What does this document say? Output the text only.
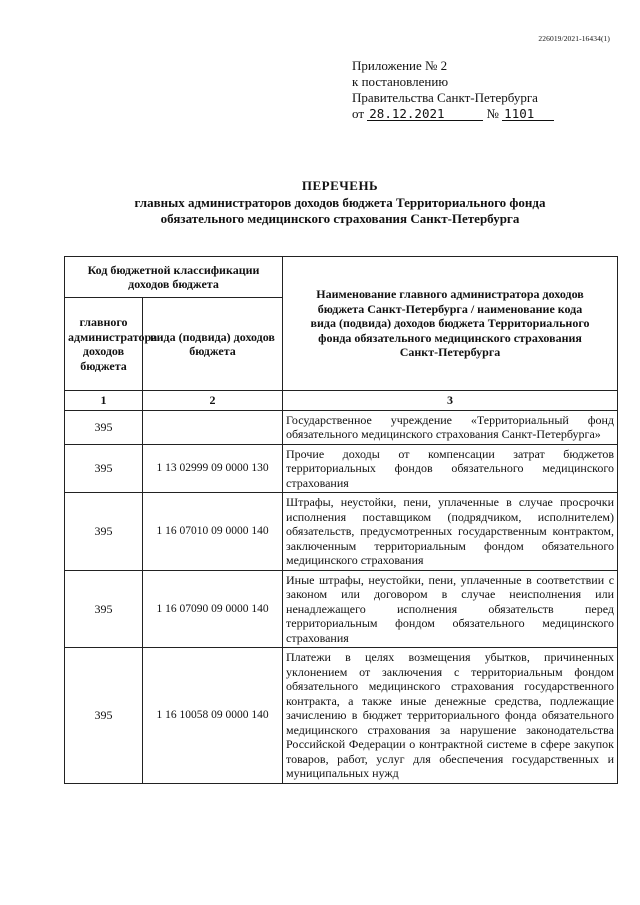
226019/2021-16434(1)
Приложение № 2
к постановлению
Правительства Санкт-Петербурга
от 28.12.2021	№ 1101
ПЕРЕЧЕНЬ
главных администраторов доходов бюджета Территориального фонда
обязательного медицинского страхования Санкт-Петербурга
Код бюджетной классификации доходов бюджета		Наименование главного администратора доходов бюджета Санкт-Петербурга / наименование кода вида (подвида) доходов бюджета Территориального фонда обязательного медицинского страхования Санкт-Петербурга
главного администратора доходов бюджета	вида (подвида) доходов бюджета	
1	2	3
395		Государственное учреждение «Территориальный фонд обязательного медицинского страхования Санкт-Петербурга»

395	1 13 02999 09 0000 130	Прочие доходы от компенсации затрат бюджетов территориальных фондов обязательного медицинского страхования

395	1 16 07010 09 0000 140	Штрафы, неустойки, пени, уплаченные в случае просрочки исполнения поставщиком (подрядчиком, исполнителем) обязательств, предусмотренных государственным контрактом, заключенным территориальным фондом обязательного медицинского страхования

395	1 16 07090 09 0000 140	Иные штрафы, неустойки, пени, уплаченные в соответствии с законом или договором в случае неисполнения или ненадлежащего исполнения обязательств перед территориальным фондом обязательного медицинского страхования

395	1 16 10058 09 0000 140	Платежи в целях возмещения убытков, причиненных уклонением от заключения с территориальным фондом обязательного медицинского страхования государственного контракта, а также иные денежные средства, подлежащие зачислению в бюджет территориального фонда обязательного медицинского страхования за нарушение законодательства Российской Федерации о контрактной системе в сфере закупок товаров, работ, услуг для обеспечения государственных и муниципальных нужд
